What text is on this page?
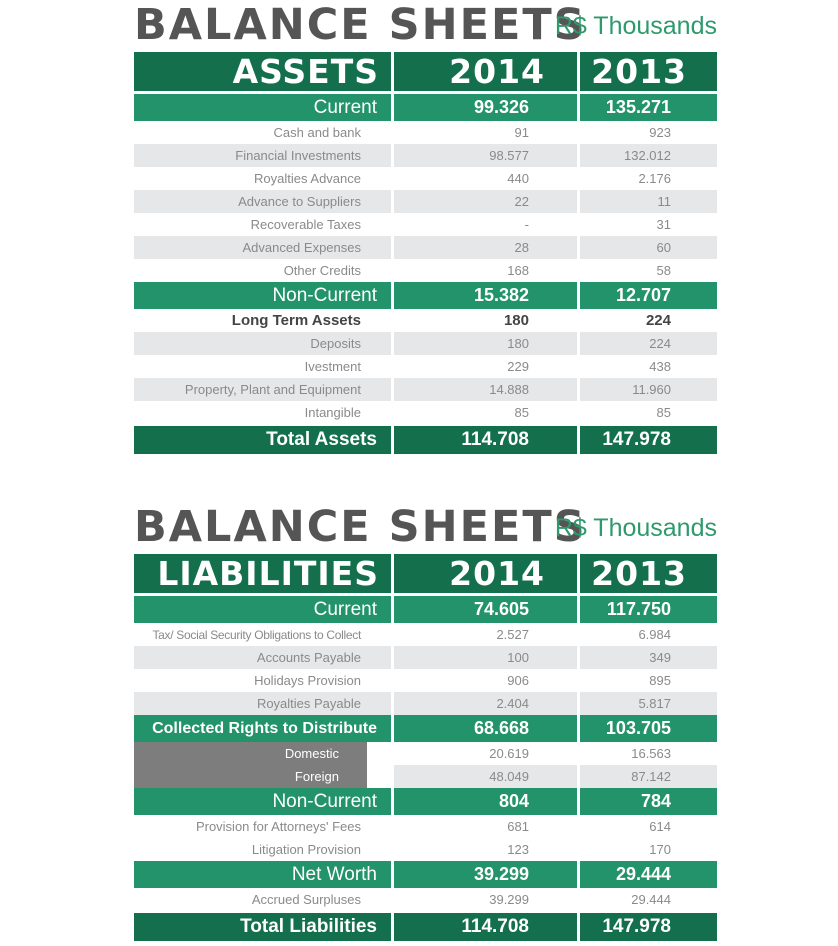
BALANCE SHEETS
R$ Thousands
ASSETS	2014	2013
Current	99.326	135.271
Cash and bank	91	923
Financial Investments	98.577	132.012
Royalties Advance	440	2.176
Advance to Suppliers	22	11
Recoverable Taxes	-	31
Advanced Expenses	28	60
Other Credits	168	58
Non-Current	15.382	12.707
Long Term Assets	180	224
Deposits	180	224
Ivestment	229	438
Property, Plant and Equipment	14.888	11.960
Intangible	85	85
Total Assets	114.708	147.978
BALANCE SHEETS
R$ Thousands
LIABILITIES	2014	2013
Current	74.605	117.750
Tax/ Social Security Obligations to Collect	2.527	6.984
Accounts Payable	100	349
Holidays Provision	906	895
Royalties Payable	2.404	5.817
Collected Rights to Distribute	68.668	103.705
Domestic	20.619	16.563
Foreign	48.049	87.142
Non-Current	804	784
Provision for Attorneys' Fees	681	614
Litigation Provision	123	170
Net Worth	39.299	29.444
Accrued Surpluses	39.299	29.444
Total Liabilities	114.708	147.978
